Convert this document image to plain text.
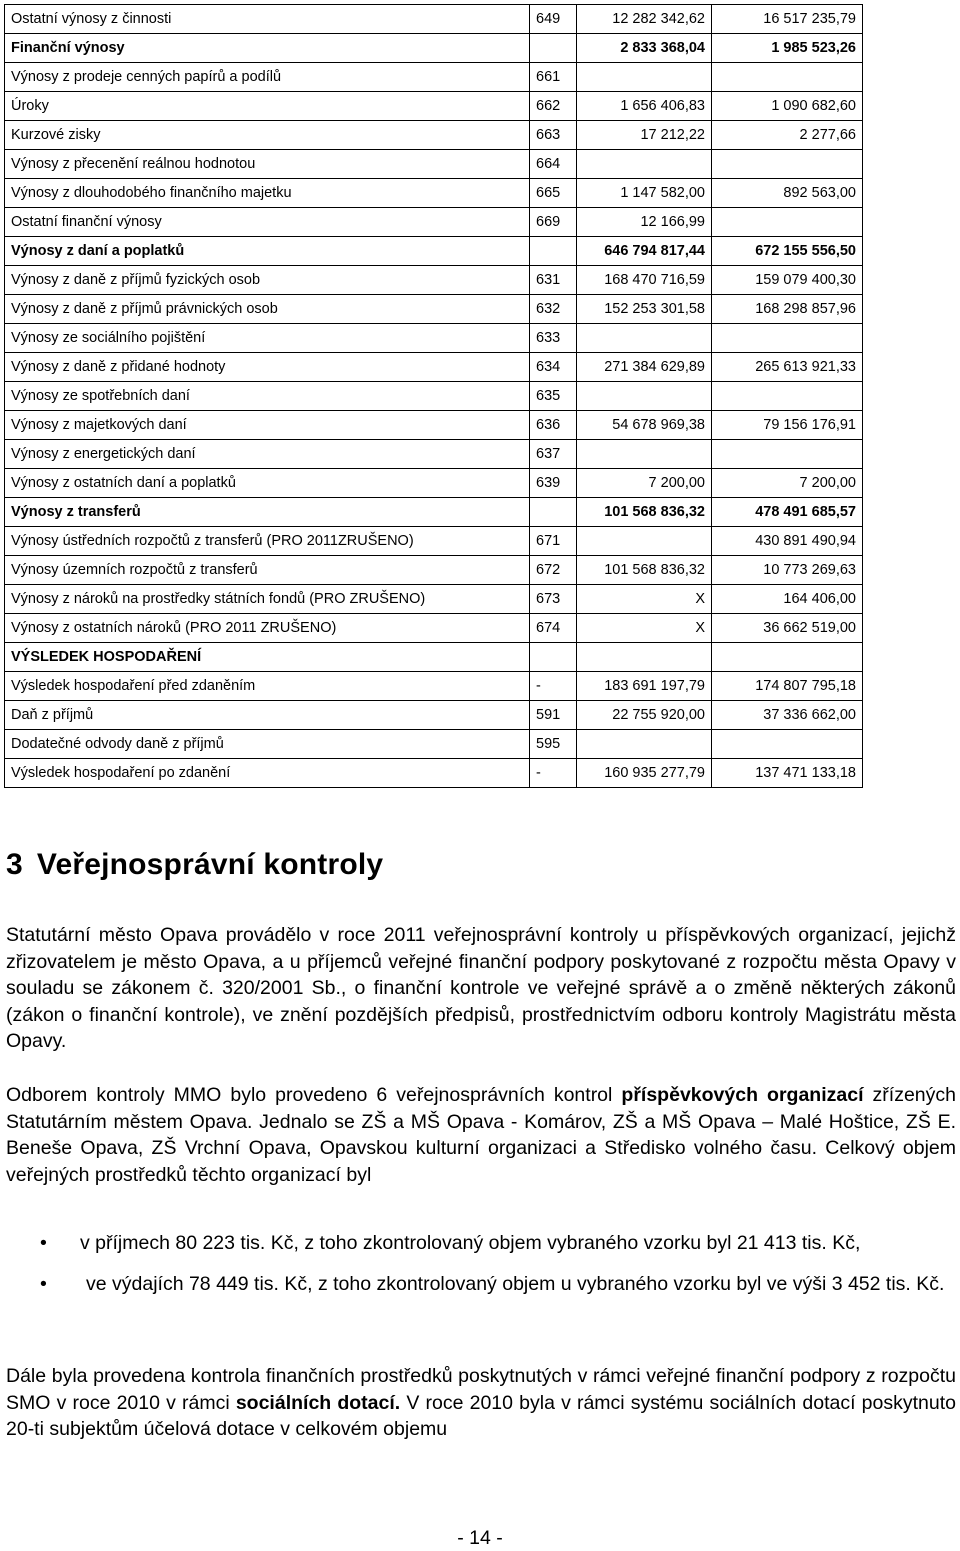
Ostatní výnosy z činnosti	649	12 282 342,62	16 517 235,79
Finanční výnosy		2 833 368,04	1 985 523,26
Výnosy z prodeje cenných papírů a podílů	661		
Úroky	662	1 656 406,83	1 090 682,60
Kurzové zisky	663	17 212,22	2 277,66
Výnosy z přecenění reálnou hodnotou	664		
Výnosy z dlouhodobého finančního majetku	665	1 147 582,00	892 563,00
Ostatní finanční výnosy	669	12 166,99	
Výnosy z daní a poplatků		646 794 817,44	672 155 556,50
Výnosy z daně z příjmů fyzických osob	631	168 470 716,59	159 079 400,30
Výnosy z daně z příjmů právnických osob	632	152 253 301,58	168 298 857,96
Výnosy ze sociálního pojištění	633		
Výnosy z daně z přidané hodnoty	634	271 384 629,89	265 613 921,33
Výnosy ze spotřebních daní	635		
Výnosy z majetkových daní	636	54 678 969,38	79 156 176,91
Výnosy z energetických daní	637		
Výnosy z ostatních daní a poplatků	639	7 200,00	7 200,00
Výnosy z transferů		101 568 836,32	478 491 685,57
Výnosy ústředních rozpočtů z transferů (PRO 2011ZRUŠENO)	671		430 891 490,94
Výnosy územních rozpočtů z transferů	672	101 568 836,32	10 773 269,63
Výnosy z nároků na prostředky státních fondů (PRO ZRUŠENO)	673	X	164 406,00
Výnosy z ostatních nároků (PRO 2011 ZRUŠENO)	674	X	36 662 519,00
VÝSLEDEK HOSPODAŘENÍ			
Výsledek hospodaření před zdaněním	-	183 691 197,79	174 807 795,18
Daň z příjmů	591	22 755 920,00	37 336 662,00
Dodatečné odvody daně z příjmů	595		
Výsledek hospodaření po zdanění	-	160 935 277,79	137 471 133,18
3 Veřejnosprávní kontroly
Statutární město Opava provádělo v roce 2011 veřejnosprávní kontroly u příspěvkových organizací, jejichž zřizovatelem je město Opava, a u příjemců veřejné finanční podpory poskytované z rozpočtu města Opavy v souladu se zákonem č. 320/2001 Sb., o finanční kontrole ve veřejné správě a o změně některých zákonů (zákon o finanční kontrole), ve znění pozdějších předpisů, prostřednictvím odboru kontroly Magistrátu města Opavy.
Odborem kontroly MMO bylo provedeno 6 veřejnosprávních kontrol příspěvkových organizací zřízených Statutárním městem Opava. Jednalo se ZŠ a MŠ Opava - Komárov, ZŠ a MŠ Opava – Malé Hoštice, ZŠ E. Beneše Opava, ZŠ Vrchní Opava, Opavskou kulturní organizaci a Středisko volného času. Celkový objem veřejných prostředků těchto organizací byl
• v příjmech 80 223 tis. Kč, z toho zkontrolovaný objem vybraného vzorku byl 21 413 tis. Kč,
• ve výdajích 78 449 tis. Kč, z toho zkontrolovaný objem u vybraného vzorku byl ve výši 3 452 tis. Kč.
Dále byla provedena kontrola finančních prostředků poskytnutých v rámci veřejné finanční podpory z rozpočtu SMO v roce 2010 v rámci sociálních dotací. V roce 2010 byla v rámci systému sociálních dotací poskytnuto 20-ti subjektům účelová dotace v celkovém objemu
- 14 -
